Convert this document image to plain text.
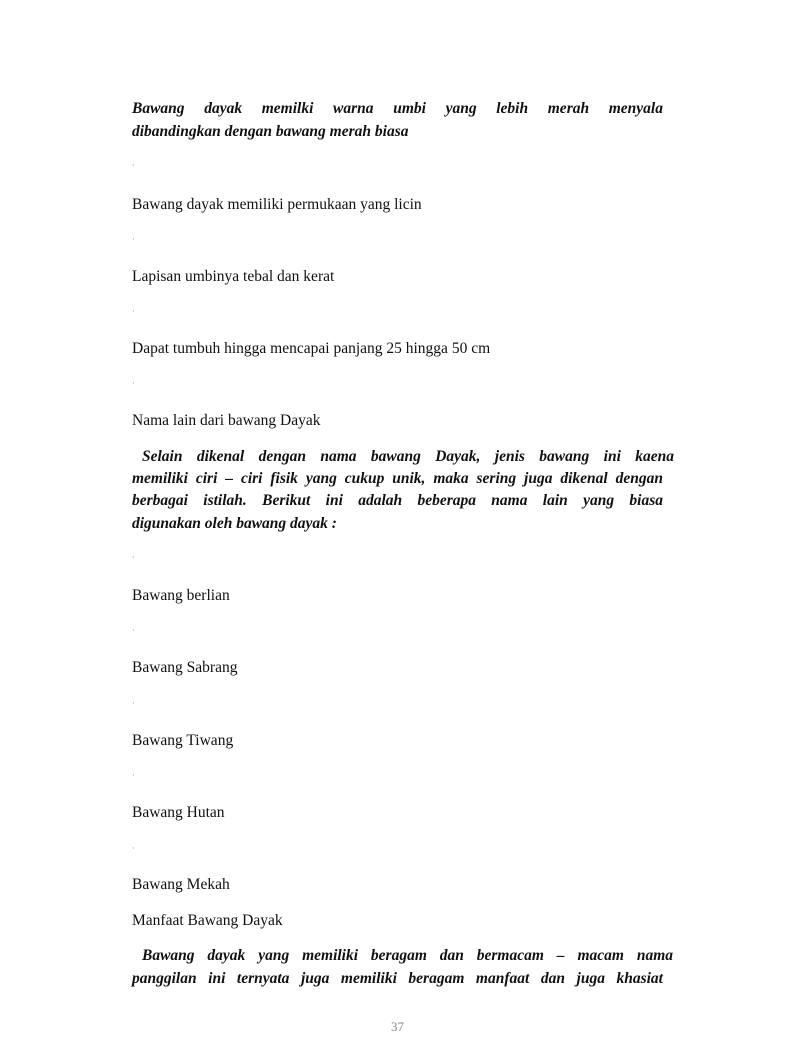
Bawang dayak memilki warna umbi yang lebih merah menyala

dibandingkan dengan bawang merah biasa

·

Bawang dayak memiliki permukaan yang licin

·

Lapisan umbinya tebal dan kerat

·

Dapat tumbuh hingga mencapai panjang 25 hingga 50 cm

·

Nama lain dari bawang Dayak

Selain dikenal dengan nama bawang Dayak, jenis bawang ini kaena

memiliki ciri – ciri fisik yang cukup unik, maka sering juga dikenal dengan

berbagai istilah. Berikut ini adalah beberapa nama lain yang biasa

digunakan oleh bawang dayak :

·

Bawang berlian

·

Bawang Sabrang

·

Bawang Tiwang

·

Bawang Hutan

·

Bawang Mekah

Manfaat Bawang Dayak

Bawang dayak yang memiliki beragam dan bermacam – macam nama

panggilan ini ternyata juga memiliki beragam manfaat dan juga khasiat

37
